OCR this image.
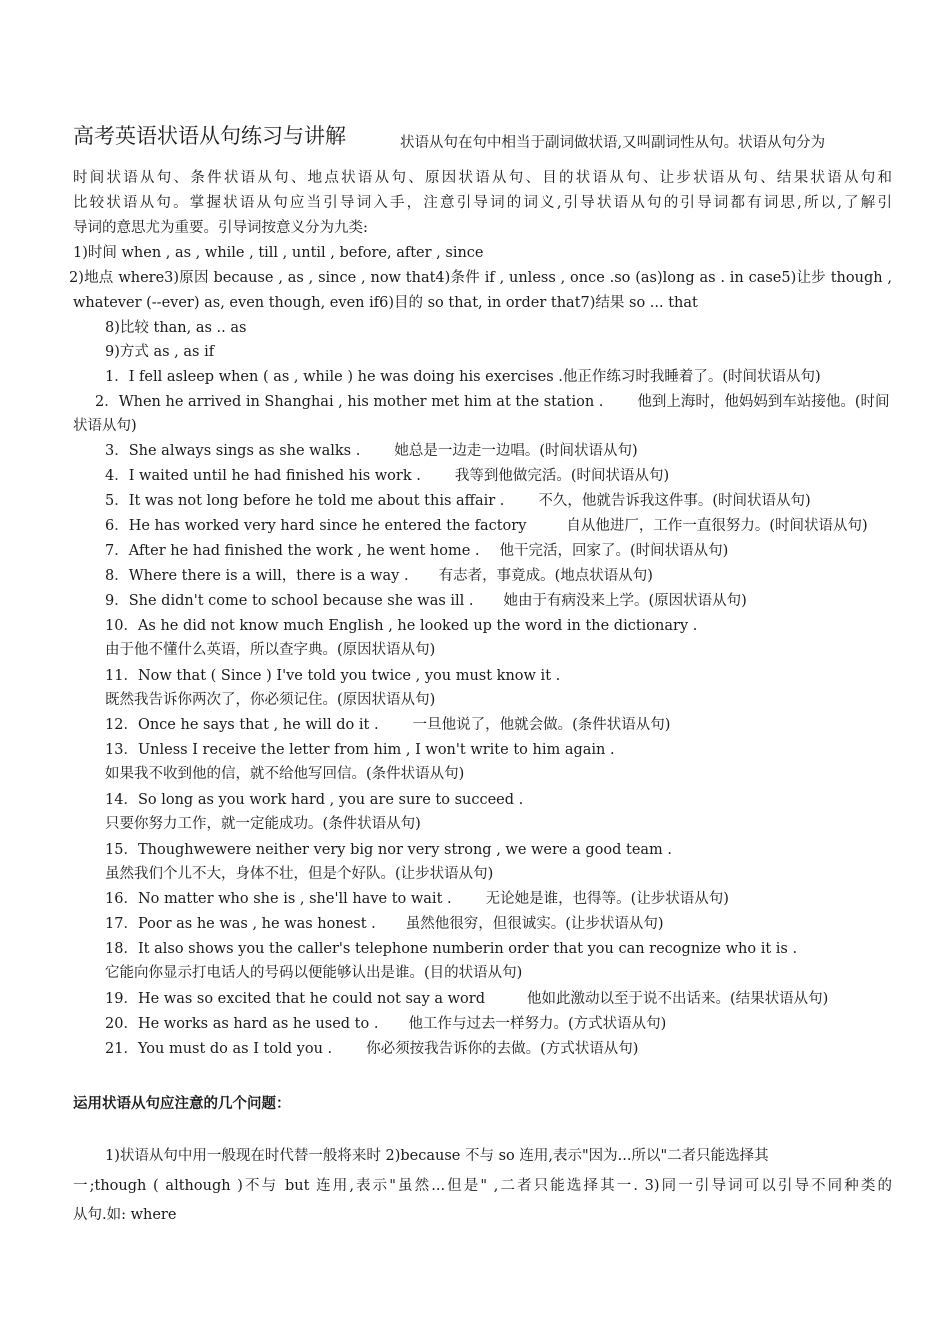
高考英语状语从句练习与讲解	状语从句在句中相当于副词做状语,又叫副词性从句。状语从句分为
时间状语从句、条件状语从句、地点状语从句、原因状语从句、目的状语从句、让步状语从句、结果状语从句和
比较状语从句。掌握状语从句应当引导词入手，注意引导词的词义,引导状语从句的引导词都有词思,所以,了解引
导词的意思尤为重要。引导词按意义分为九类:
1)时间 when , as , while , till , until , before, after , since
2)地点 where3)原因 because , as , since , now that4)条件 if , unless , once .so (as)long as . in case5)让步 though ,
whatever (--ever) as, even though, even if6)目的 so that, in order that7)结果 so ... that
8)比较 than, as .. as
9)方式 as , as if
1．I fell asleep when ( as , while ) he was doing his exercises .他正作练习时我睡着了。(时间状语从句)
2．When he arrived in Shanghai , his mother met him at the station . 他到上海时，他妈妈到车站接他。(时间
状语从句)
3．She always sings as she walks . 她总是一边走一边唱。(时间状语从句)
4．I waited until he had finished his work . 我等到他做完活。(时间状语从句)
5．It was not long before he told me about this affair . 不久，他就告诉我这件事。(时间状语从句)
6．He has worked very hard since he entered the factory	自从他进厂，工作一直很努力。(时间状语从句)
7．After he had finished the work , he went home . 他干完活，回家了。(时间状语从句)
8．Where there is a will，there is a way . 有志者，事竟成。(地点状语从句)
9．She didn't come to school because she was ill . 她由于有病没来上学。(原因状语从句)
10．As he did not know much English , he looked up the word in the dictionary .
由于他不懂什么英语，所以查字典。(原因状语从句)
11．Now that ( Since ) I've told you twice , you must know it .
既然我告诉你两次了，你必须记住。(原因状语从句)
12．Once he says that , he will do it . 一旦他说了，他就会做。(条件状语从句)
13．Unless I receive the letter from him , I won't write to him again .
如果我不收到他的信，就不给他写回信。(条件状语从句)
14．So long as you work hard , you are sure to succeed .
只要你努力工作，就一定能成功。(条件状语从句)
15．Thoughwewere neither very big nor very strong , we were a good team .
虽然我们个儿不大，身体不壮，但是个好队。(让步状语从句)
16．No matter who she is , she'll have to wait . 无论她是谁，也得等。(让步状语从句)
17．Poor as he was , he was honest . 虽然他很穷，但很诚实。(让步状语从句)
18．It also shows you the caller's telephone numberin order that you can recognize who it is .
它能向你显示打电话人的号码以便能够认出是谁。(目的状语从句)
19．He was so excited that he could not say a word	他如此激动以至于说不出话来。(结果状语从句)
20．He works as hard as he used to . 他工作与过去一样努力。(方式状语从句)
21．You must do as I told you . 你必须按我告诉你的去做。(方式状语从句)
运用状语从句应注意的几个问题：
1)状语从句中用一般现在时代替一般将来时 2)because 不与 so 连用,表示"因为...所以"二者只能选择其
一;though ( although )不与 but 连用,表示"虽然...但是" ,二者只能选择其一. 3)同一引导词可以引导不同种类的
从句.如: where
